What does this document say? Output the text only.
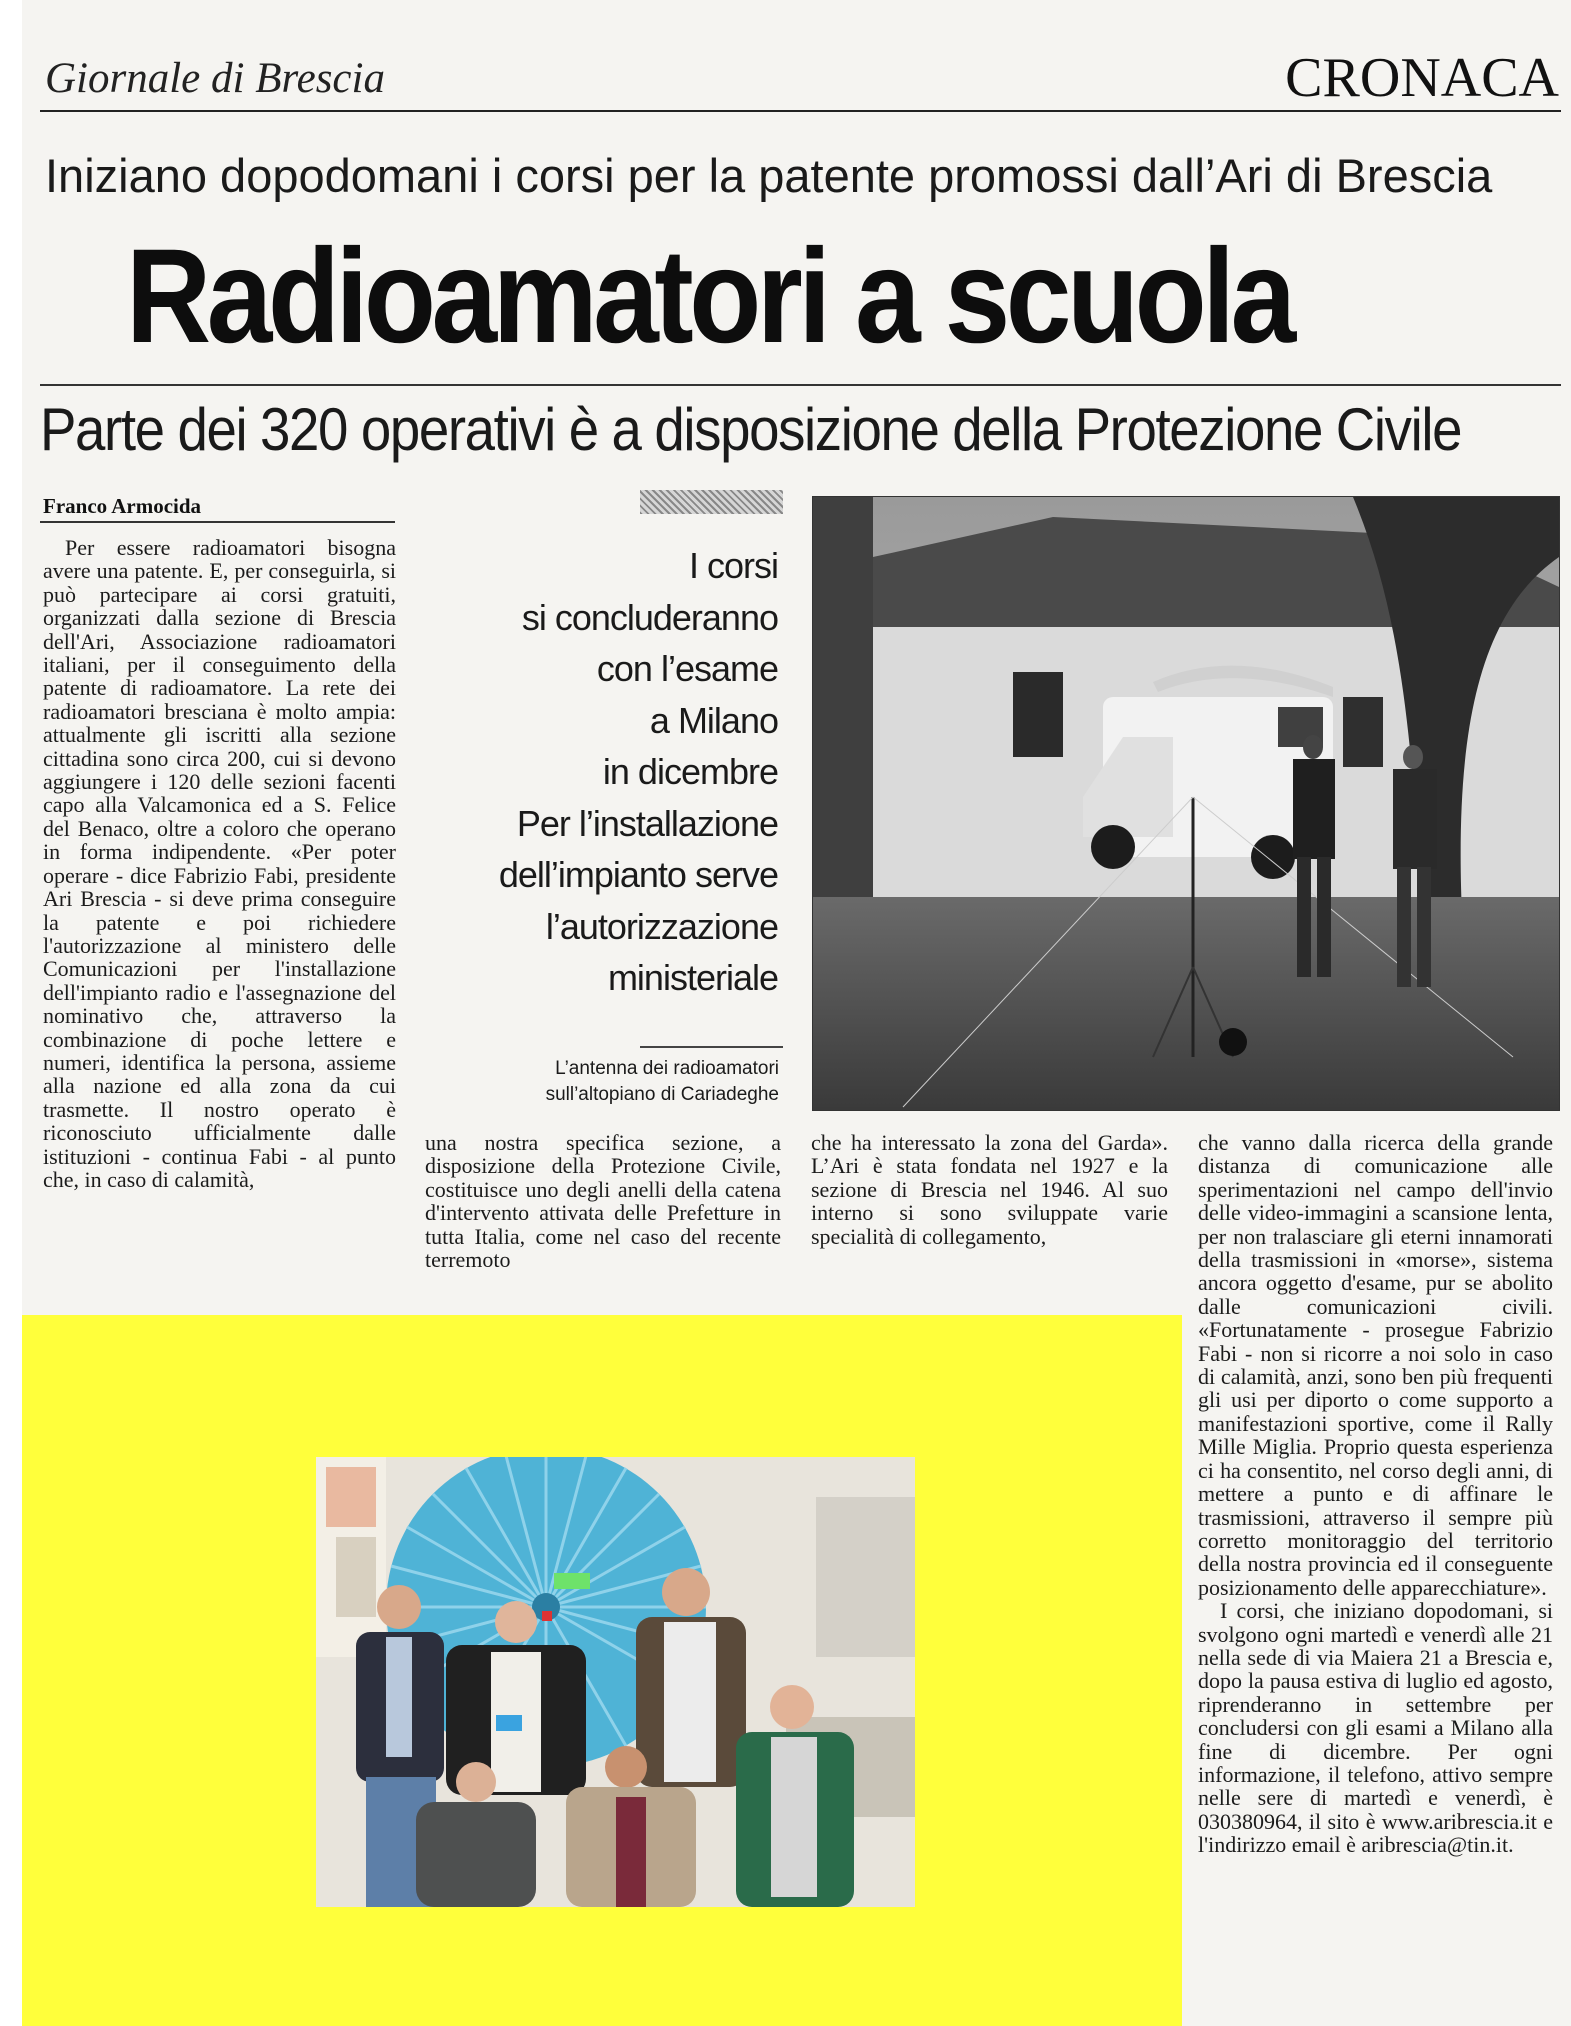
Giornale di Brescia	CRONACA
Iniziano dopodomani i corsi per la patente promossi dall’Ari di Brescia
Radioamatori a scuola
Parte dei 320 operativi è a disposizione della Protezione Civile
Franco Armocida
Per essere radioamatori bisogna avere una patente. E, per conseguirla, si può partecipare ai corsi gratuiti, organizzati dalla sezione di Brescia dell'Ari, Associazione radioamatori italiani, per il conseguimento della patente di radioamatore. La rete dei radioamatori bresciana è molto ampia: attualmente gli iscritti alla sezione cittadina sono circa 200, cui si devono aggiungere i 120 delle sezioni facenti capo alla Valcamonica ed a S. Felice del Benaco, oltre a coloro che operano in forma indipendente. «Per poter operare - dice Fabrizio Fabi, presidente Ari Brescia - si deve prima conseguire la patente e poi richiedere l'autorizzazione al ministero delle Comunicazioni per l'installazione dell'impianto radio e l'assegnazione del nominativo che, attraverso la combinazione di poche lettere e numeri, identifica la persona, assieme alla nazione ed alla zona da cui trasmette. Il nostro operato è riconosciuto ufficialmente dalle istituzioni - continua Fabi - al punto che, in caso di calamità,
I corsi
si concluderanno
con l’esame
a Milano
in dicembre
Per l’installazione
dell’impianto serve
l’autorizzazione
ministeriale
L’antenna dei radioamatori
sull’altopiano di Cariadeghe
una nostra specifica sezione, a disposizione della Protezione Civile, costituisce uno degli anelli della catena d'intervento attivata delle Prefetture in tutta Italia, come nel caso del recente terremoto
che ha interessato la zona del Garda». L’Ari è stata fondata nel 1927 e la sezione di Brescia nel 1946. Al suo interno si sono sviluppate varie specialità di collegamento,
che vanno dalla ricerca della grande distanza di comunicazione alle sperimentazioni nel campo dell'invio delle video-immagini a scansione lenta, per non tralasciare gli eterni innamorati della trasmissioni in «morse», sistema ancora oggetto d'esame, pur se abolito dalle comunicazioni civili. «Fortunatamente - prosegue Fabrizio Fabi - non si ricorre a noi solo in caso di calamità, anzi, sono ben più frequenti gli usi per diporto o come supporto a manifestazioni sportive, come il Rally Mille Miglia. Proprio questa esperienza ci ha consentito, nel corso degli anni, di mettere a punto e di affinare le trasmissioni, attraverso il sempre più corretto monitoraggio del territorio della nostra provincia ed il conseguente posizionamento delle apparecchiature».
I corsi, che iniziano dopodomani, si svolgono ogni martedì e venerdì alle 21 nella sede di via Maiera 21 a Brescia e, dopo la pausa estiva di luglio ed agosto, riprenderanno in settembre per concludersi con gli esami a Milano alla fine di dicembre. Per ogni informazione, il telefono, attivo sempre nelle sere di martedì e venerdì, è 030380964, il sito è www.aribrescia.it e l'indirizzo email è aribrescia@tin.it.
